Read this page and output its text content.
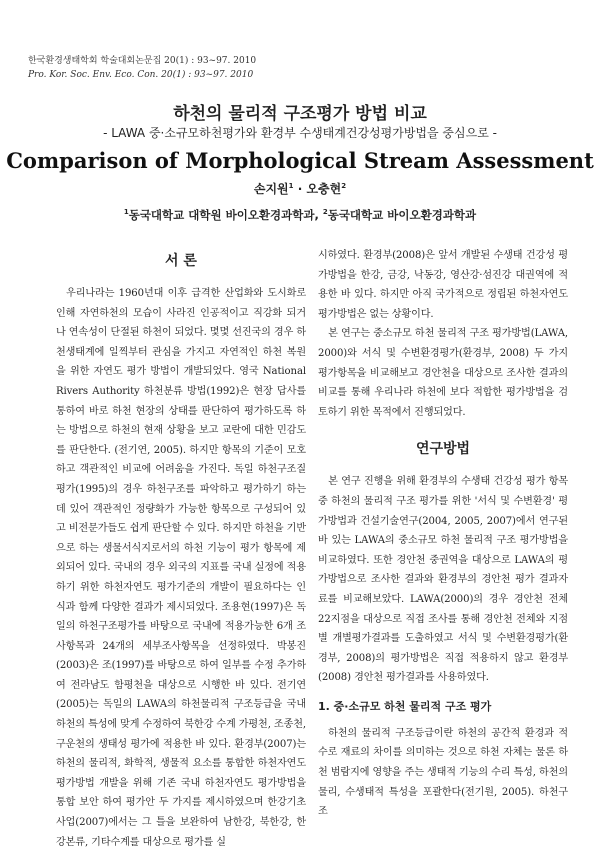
한국환경생태학회 학술대회논문집 20(1) : 93~97. 2010
Pro. Kor. Soc. Env. Eco. Con. 20(1) : 93~97. 2010
하천의 물리적 구조평가 방법 비교
- LAWA 중·소규모하천평가와 환경부 수생태계건강성평가방법을 중심으로 -
Comparison of Morphological Stream Assessment
손지원$^1$ · 오충현$^2$
$^1$동국대학교 대학원 바이오환경과학과, $^2$동국대학교 바이오환경과학과
서 론

우리나라는 1960년대 이후 급격한 산업화와 도시화로 인해 자연하천의 모습이 사라진 인공적이고 직강화 되거나 연속성이 단절된 하천이 되었다. 몇몇 선진국의 경우 하천생태계에 일찍부터 관심을 가지고 자연적인 하천 복원을 위한 자연도 평가 방법이 개발되었다. 영국 National Rivers Authority 하천분류 방법(1992)은 현장 답사를 통하여 바로 하천 현장의 상태를 판단하여 평가하도록 하는 방법으로 하천의 현재 상황을 보고 교란에 대한 민감도를 판단한다. (전기연, 2005). 하지만 항목의 기준이 모호하고 객관적인 비교에 어려움을 가진다. 독일 하천구조질 평가(1995)의 경우 하천구조를 파악하고 평가하기 하는데 있어 객관적인 정량화가 가능한 항목으로 구성되어 있고 비전문가들도 쉽게 판단할 수 있다. 하지만 하천을 기반으로 하는 생물서식지로서의 하천 기능이 평가 항목에 제외되어 있다. 국내의 경우 외국의 지표를 국내 실정에 적용하기 위한 하천자연도 평가기준의 개발이 필요하다는 인식과 함께 다양한 결과가 제시되었다. 조용현(1997)은 독일의 하천구조평가를 바탕으로 국내에 적용가능한 6개 조사항목과 24개의 세부조사항목을 선정하였다. 박봉진(2003)은 조(1997)를 바탕으로 하여 일부를 수정 추가하여 전라남도 함평천을 대상으로 시행한 바 있다. 전기연(2005)는 독일의 LAWA의 하천물리적 구조등급을 국내 하천의 특성에 맞게 수정하여 북한강 수계 가평천, 조종천, 구운천의 생태성 평가에 적용한 바 있다. 환경부(2007)는 하천의 물리적, 화학적, 생물적 요소를 통합한 하천자연도 평가방법 개발을 위해 기존 국내 하천자연도 평가방법을 통합 보안 하여 평가안 두 가지를 제시하였으며 한강기초사업(2007)에서는 그 틀을 보완하여 남한강, 북한강, 한강본류, 기타수계를 대상으로 평가를 실

시하였다. 환경부(2008)은 앞서 개발된 수생태 건강성 평가방법을 한강, 금강, 낙동강, 영산강·섬진강 대권역에 적용한 바 있다. 하지만 아직 국가적으로 정립된 하천자연도 평가방법은 없는 상황이다.

본 연구는 중소규모 하천 물리적 구조 평가방법(LAWA, 2000)와 서식 및 수변환경평가(환경부, 2008) 두 가지 평가항목을 비교해보고 경안천을 대상으로 조사한 결과의 비교를 통해 우리나라 하천에 보다 적합한 평가방법을 검토하기 위한 목적에서 진행되었다.

연구방법

본 연구 진행을 위해 환경부의 수생태 건강성 평가 항목 중 하천의 물리적 구조 평가를 위한 '서식 및 수변환경' 평가방법과 건설기술연구(2004, 2005, 2007)에서 연구된 바 있는 LAWA의 중소규모 하천 물리적 구조 평가방법을 비교하였다. 또한 경안천 중권역을 대상으로 LAWA의 평가방법으로 조사한 결과와 환경부의 경안천 평가 결과자료를 비교해보았다. LAWA(2000)의 경우 경안천 전체 22지점을 대상으로 직접 조사를 통해 경안천 전체와 지점별 개별평가결과를 도출하였고 서식 및 수변환경평가(환경부, 2008)의 평가방법은 직접 적용하지 않고 환경부(2008) 경안천 평가결과를 사용하였다.

1. 중·소규모 하천 물리적 구조 평가

하천의 물리적 구조등급이란 하천의 공간적 환경과 적수로 재료의 차이를 의미하는 것으로 하천 자체는 물론 하천 범람지에 영향을 주는 생태적 기능의 수리 특성, 하천의 물리, 수생태적 특성을 포괄한다(전기원, 2005). 하천구조
